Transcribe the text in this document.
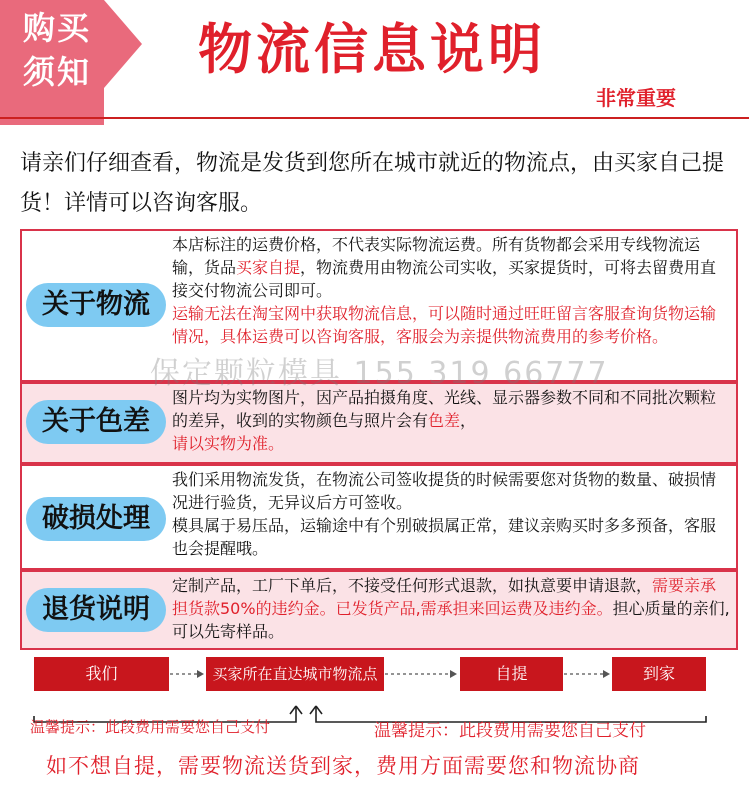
购买
须知 物流信息说明
非常重要
请亲们仔细查看，物流是发货到您所在城市就近的物流点，由买家自己提货！详情可以咨询客服。
关于物流
本店标注的运费价格，不代表实际物流运费。所有货物都会采用专线物流运输，货品买家自提，物流费用由物流公司实收，买家提货时，可将去留费用直接交付物流公司即可。
运输无法在淘宝网中获取物流信息，可以随时通过旺旺留言客服查询货物运输情况，具体运费可以咨询客服，客服会为亲提供物流费用的参考价格。
关于色差
图片均为实物图片，因产品拍摄角度、光线、显示器参数不同和不同批次颗粒的差异，收到的实物颜色与照片会有色差，
请以实物为准。
破损处理
我们采用物流发货，在物流公司签收提货的时候需要您对货物的数量、破损情况进行验货，无异议后方可签收。
模具属于易压品，运输途中有个别破损属正常，建议亲购买时多多预备，客服也会提醒哦。
退货说明
定制产品，工厂下单后，不接受任何形式退款，如执意要申请退款，需要亲承担货款50%的违约金。已发货产品,需承担来回运费及违约金。担心质量的亲们,可以先寄样品。
保定颗粒模具 155 319 66777
我们	买家所在直达城市物流点	自提	到家
温馨提示：此段费用需要您自己支付	温馨提示：此段费用需要您自己支付
如不想自提，需要物流送货到家，费用方面需要您和物流协商
